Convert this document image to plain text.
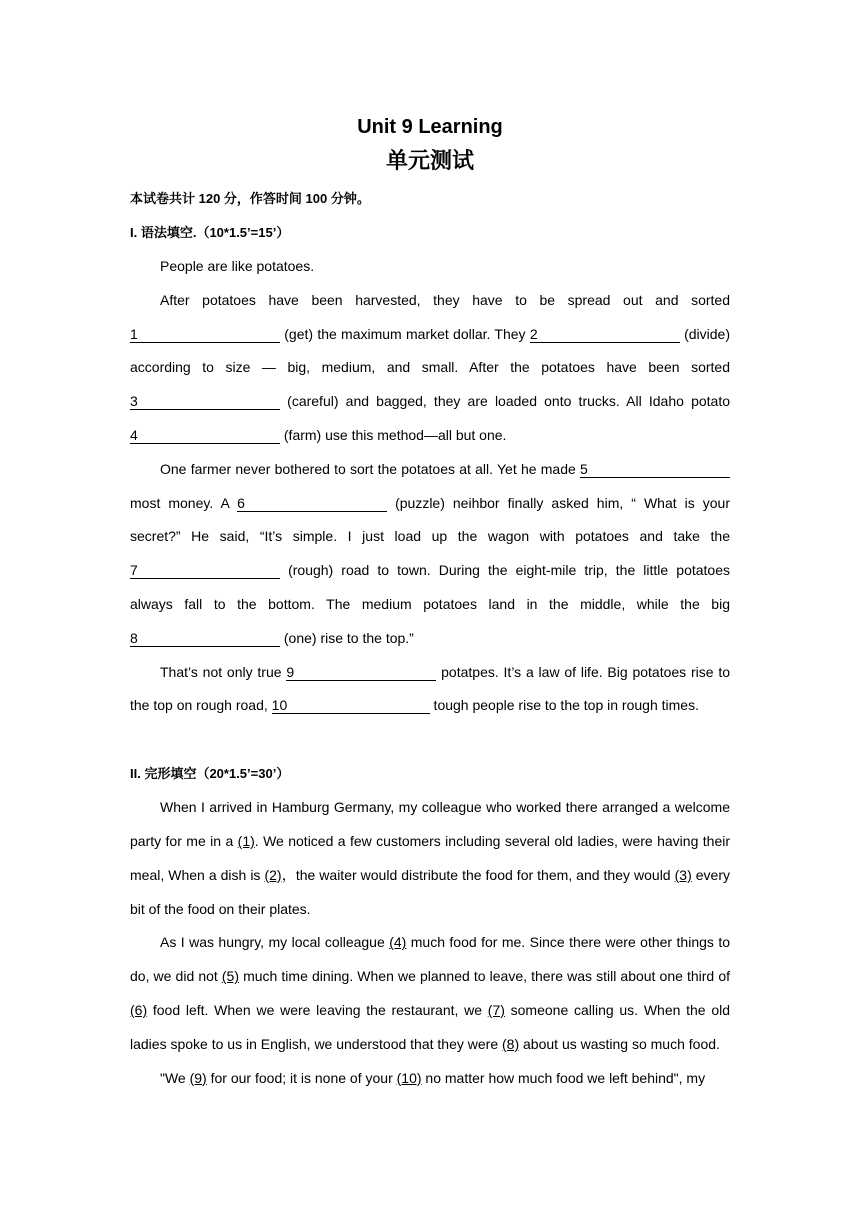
Unit 9 Learning
单元测试

本试卷共计 120 分，作答时间 100 分钟。

I. 语法填空.（10*1.5’=15’）

People are like potatoes.

After potatoes have been harvested, they have to be spread out and sorted 1	(get) the maximum market dollar. They 2	(divide) according to size — big, medium, and small. After the potatoes have been sorted 3	(careful) and bagged, they are loaded onto trucks. All Idaho potato 4	(farm) use this method—all but one.

One farmer never bothered to sort the potatoes at all. Yet he made 5 most money. A 6	(puzzle) neihbor finally asked him, “ What is your secret?” He said, “It’s simple. I just load up the wagon with potatoes and take the 7	(rough) road to town. During the eight-mile trip, the little potatoes always fall to the bottom. The medium potatoes land in the middle, while the big 8	(one) rise to the top.”

That’s not only true 9	potatpes. It’s a law of life. Big potatoes rise to the top on rough road, 10	tough people rise to the top in rough times.

II. 完形填空（20*1.5’=30’）

When I arrived in Hamburg Germany, my colleague who worked there arranged a welcome party for me in a (1). We noticed a few customers including several old ladies, were having their meal, When a dish is (2)，the waiter would distribute the food for them, and they would (3) every bit of the food on their plates.

As I was hungry, my local colleague (4) much food for me. Since there were other things to do, we did not (5) much time dining. When we planned to leave, there was still about one third of (6) food left. When we were leaving the restaurant, we (7) someone calling us. When the old ladies spoke to us in English, we understood that they were (8) about us wasting so much food.

"We (9) for our food; it is none of your (10) no matter how much food we left behind", my
